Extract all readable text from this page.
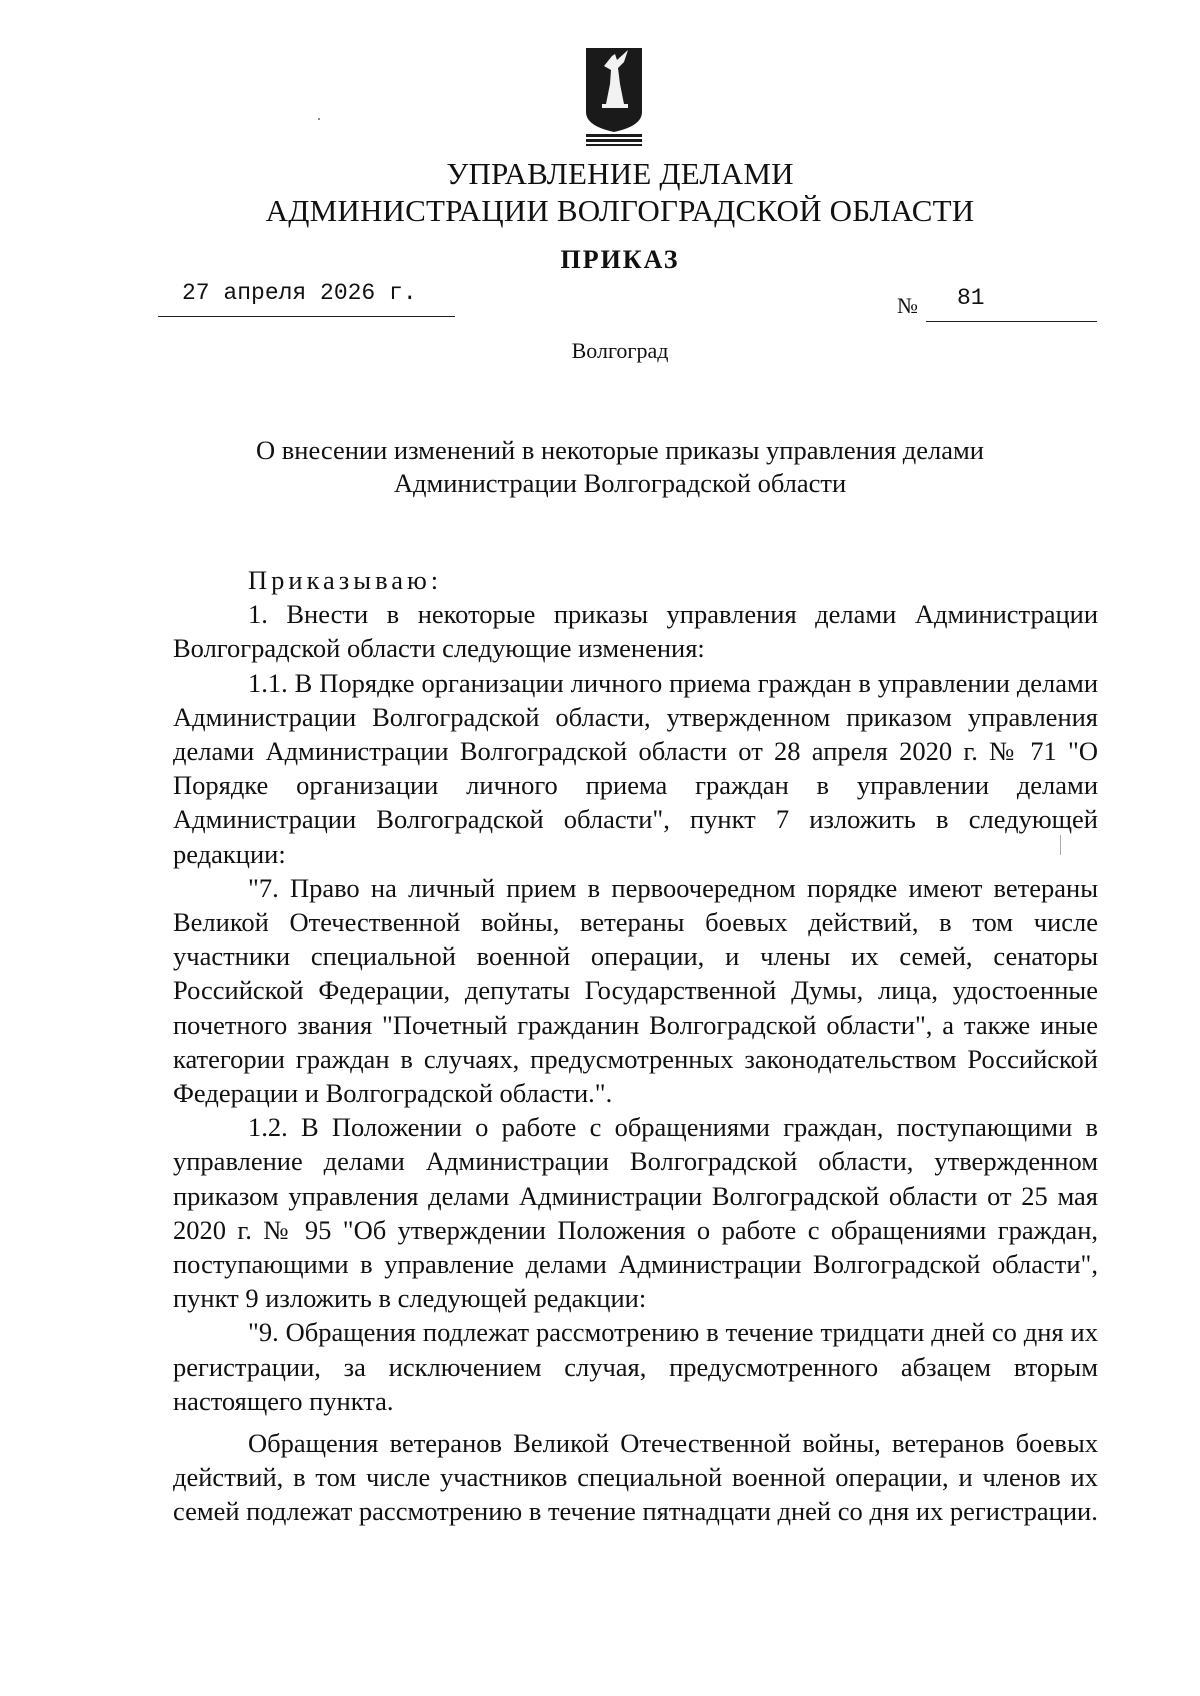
УПРАВЛЕНИЕ ДЕЛАМИ
АДМИНИСТРАЦИИ ВОЛГОГРАДСКОЙ ОБЛАСТИ
ПРИКАЗ
27 апреля 2026 г.	№ 81
Волгоград
О внесении изменений в некоторые приказы управления делами
Администрации Волгоградской области

Приказываю:

1. Внести в некоторые приказы управления делами Администрации Волгоградской области следующие изменения:

1.1. В Порядке организации личного приема граждан в управлении делами Администрации Волгоградской области, утвержденном приказом управления делами Администрации Волгоградской области от 28 апреля 2020 г. № 71 "О Порядке организации личного приема граждан в управлении делами Администрации Волгоградской области", пункт 7 изложить в следующей редакции:

"7. Право на личный прием в первоочередном порядке имеют ветераны Великой Отечественной войны, ветераны боевых действий, в том числе участники специальной военной операции, и члены их семей, сенаторы Российской Федерации, депутаты Государственной Думы, лица, удостоенные почетного звания "Почетный гражданин Волгоградской области", а также иные категории граждан в случаях, предусмотренных законодательством Российской Федерации и Волгоградской области.".

1.2. В Положении о работе с обращениями граждан, поступающими в управление делами Администрации Волгоградской области, утвержденном приказом управления делами Администрации Волгоградской области от 25 мая 2020 г. № 95 "Об утверждении Положения о работе с обращениями граждан, поступающими в управление делами Администрации Волгоградской области", пункт 9 изложить в следующей редакции:

"9. Обращения подлежат рассмотрению в течение тридцати дней со дня их регистрации, за исключением случая, предусмотренного абзацем вторым настоящего пункта.

Обращения ветеранов Великой Отечественной войны, ветеранов боевых действий, в том числе участников специальной военной операции, и членов их семей подлежат рассмотрению в течение пятнадцати дней со дня их регистрации.
